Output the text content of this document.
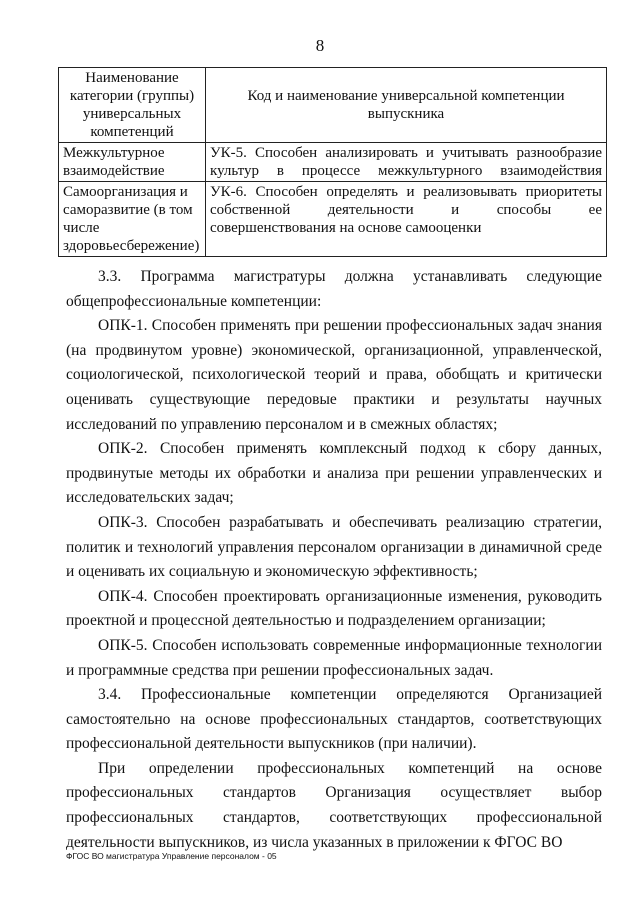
8
Наименование категории (группы) универсальных компетенций	Код и наименование универсальной компетенции выпускника
Межкультурное взаимодействие	УК-5. Способен анализировать и учитывать разнообразие культур в процессе межкультурного взаимодействия
Самоорганизация и саморазвитие (в том числе здоровьесбережение)	УК-6. Способен определять и реализовывать приоритеты собственной деятельности и способы ее
совершенствования на основе самооценки

3.3. Программа магистратуры должна устанавливать следующие общепрофессиональные компетенции:

ОПК-1. Способен применять при решении профессиональных задач знания (на продвинутом уровне) экономической, организационной, управленческой, социологической, психологической теорий и права, обобщать и критически оценивать существующие передовые практики и результаты научных исследований по управлению персоналом и в смежных областях;

ОПК-2. Способен применять комплексный подход к сбору данных, продвинутые методы их обработки и анализа при решении управленческих и исследовательских задач;

ОПК-3. Способен разрабатывать и обеспечивать реализацию стратегии, политик и технологий управления персоналом организации в динамичной среде и оценивать их социальную и экономическую эффективность;

ОПК-4. Способен проектировать организационные изменения, руководить проектной и процессной деятельностью и подразделением организации;

ОПК-5. Способен использовать современные информационные технологии и программные средства при решении профессиональных задач.

3.4. Профессиональные компетенции определяются Организацией самостоятельно на основе профессиональных стандартов, соответствующих профессиональной деятельности выпускников (при наличии).

При определении профессиональных компетенций на основе профессиональных стандартов Организация осуществляет выбор профессиональных стандартов, соответствующих профессиональной деятельности выпускников, из числа указанных в приложении к ФГОС ВО

ФГОС ВО магистратура Управление персоналом - 05
